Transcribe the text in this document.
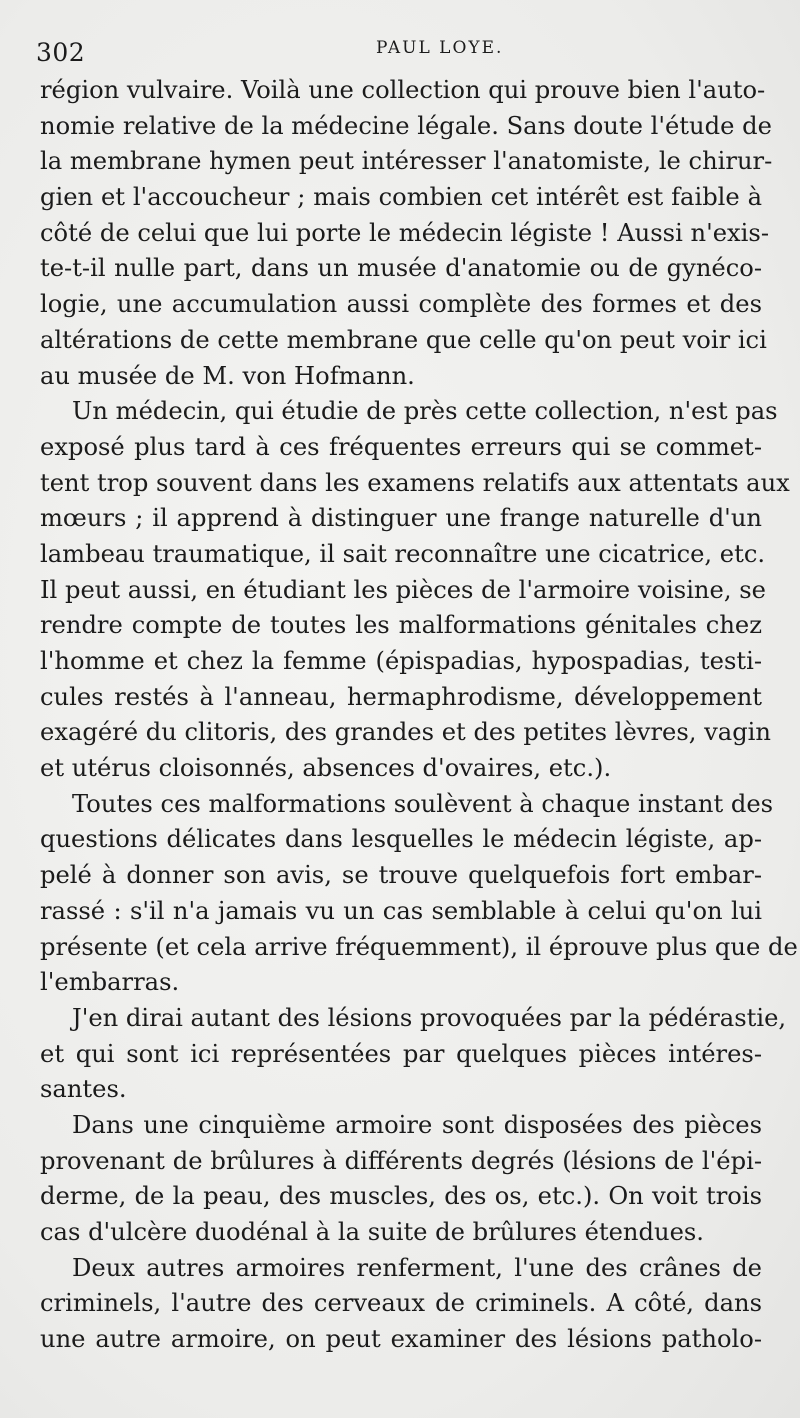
302	PAUL LOYE.
région vulvaire. Voilà une collection qui prouve bien l'auto-
nomie relative de la médecine légale. Sans doute l'étude de
la membrane hymen peut intéresser l'anatomiste, le chirur-
gien et l'accoucheur ; mais combien cet intérêt est faible à
côté de celui que lui porte le médecin légiste ! Aussi n'exis-
te-t-il nulle part, dans un musée d'anatomie ou de gynéco-
logie, une accumulation aussi complète des formes et des
altérations de cette membrane que celle qu'on peut voir ici
au musée de M. von Hofmann.
Un médecin, qui étudie de près cette collection, n'est pas
exposé plus tard à ces fréquentes erreurs qui se commet-
tent trop souvent dans les examens relatifs aux attentats aux
mœurs ; il apprend à distinguer une frange naturelle d'un
lambeau traumatique, il sait reconnaître une cicatrice, etc.
Il peut aussi, en étudiant les pièces de l'armoire voisine, se
rendre compte de toutes les malformations génitales chez
l'homme et chez la femme (épispadias, hypospadias, testi-
cules restés à l'anneau, hermaphrodisme, développement
exagéré du clitoris, des grandes et des petites lèvres, vagin
et utérus cloisonnés, absences d'ovaires, etc.).
Toutes ces malformations soulèvent à chaque instant des
questions délicates dans lesquelles le médecin légiste, ap-
pelé à donner son avis, se trouve quelquefois fort embar-
rassé : s'il n'a jamais vu un cas semblable à celui qu'on lui
présente (et cela arrive fréquemment), il éprouve plus que de
l'embarras.
J'en dirai autant des lésions provoquées par la pédérastie,
et qui sont ici représentées par quelques pièces intéres-
santes.
Dans une cinquième armoire sont disposées des pièces
provenant de brûlures à différents degrés (lésions de l'épi-
derme, de la peau, des muscles, des os, etc.). On voit trois
cas d'ulcère duodénal à la suite de brûlures étendues.
Deux autres armoires renferment, l'une des crânes de
criminels, l'autre des cerveaux de criminels. A côté, dans
une autre armoire, on peut examiner des lésions patholo-
